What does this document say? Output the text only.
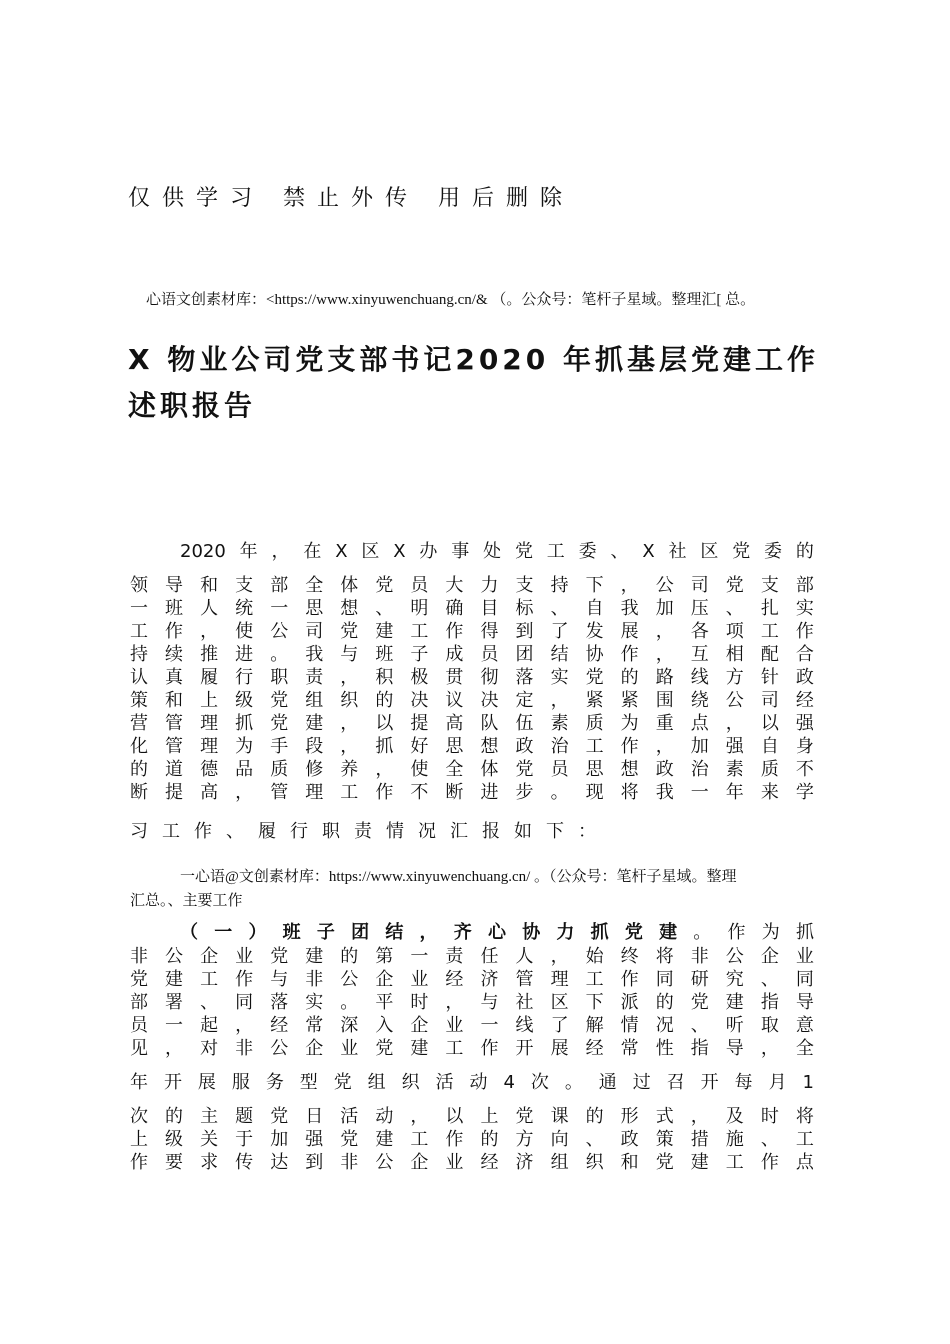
仅供学习 禁止外传 用后删除
心语文创素材库：<https://www.xinyuwenchuang.cn/& （。公众号：笔杆子星域。整理汇[ 总。
X 物业公司党支部书记2020 年抓基层党建工作
述职报告
2020 年 ， 在 X 区 X 办 事 处 党 工 委 、 X 社 区 党 委 的
领 导 和 支 部 全 体 党 员 大 力 支 持 下 ， 公 司 党 支 部
一 班 人 统 一 思 想 、 明 确 目 标 、 自 我 加 压 、 扎 实
工 作 ， 使 公 司 党 建 工 作 得 到 了 发 展 ， 各 项 工 作
持 续 推 进 。 我 与 班 子 成 员 团 结 协 作 ， 互 相 配 合
认 真 履 行 职 责 ， 积 极 贯 彻 落 实 党 的 路 线 方 针 政
策 和 上 级 党 组 织 的 决 议 决 定 ， 紧 紧 围 绕 公 司 经
营 管 理 抓 党 建 ， 以 提 高 队 伍 素 质 为 重 点 ， 以 强
化 管 理 为 手 段 ， 抓 好 思 想 政 治 工 作 ， 加 强 自 身
的 道 德 品 质 修 养 ， 使 全 体 党 员 思 想 政 治 素 质 不
断 提 高 ， 管 理 工 作 不 断 进 步 。 现 将 我 一 年 来 学
习工作、履行职责情况汇报如下：
一心语@文创素材库：https://www.xinyuwenchuang.cn/ 。（公众号：笔杆子星域。整理
汇总。、主要工作
（ 一 ） 班 子 团 结 ， 齐 心 协 力 抓 党 建 。 作 为 抓
非 公 企 业 党 建 的 第 一 责 任 人 ， 始 终 将 非 公 企 业
党 建 工 作 与 非 公 企 业 经 济 管 理 工 作 同 研 究 、 同
部 署 、 同 落 实 。 平 时 ， 与 社 区 下 派 的 党 建 指 导
员 一 起 ， 经 常 深 入 企 业 一 线 了 解 情 况 、 听 取 意
见 ， 对 非 公 企 业 党 建 工 作 开 展 经 常 性 指 导 ， 全
年 开 展 服 务 型 党 组 织 活 动 4 次 。 通 过 召 开 每 月 1
次 的 主 题 党 日 活 动 ， 以 上 党 课 的 形 式 ， 及 时 将
上 级 关 于 加 强 党 建 工 作 的 方 向 、 政 策 措 施 、 工
作 要 求 传 达 到 非 公 企 业 经 济 组 织 和 党 建 工 作 点
